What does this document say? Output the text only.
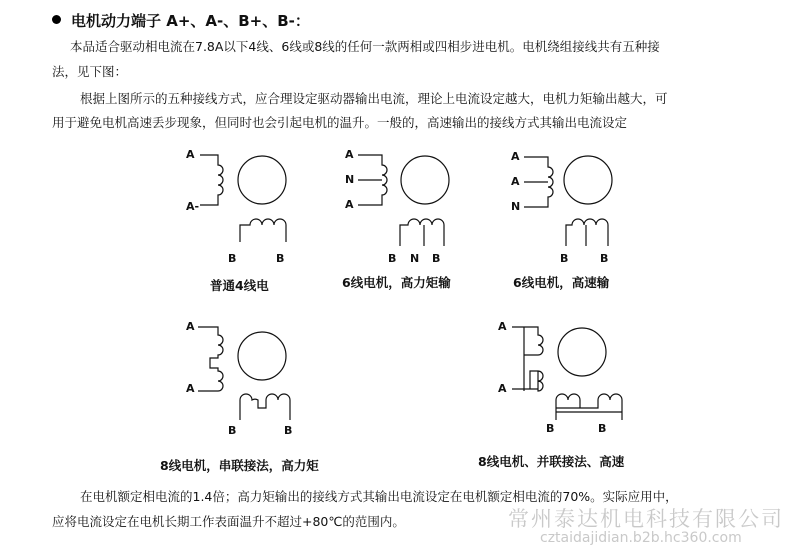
电机动力端子 A+、A-、B+、B-：
本品适合驱动相电流在7.8A以下4线、6线或8线的任何一款两相或四相步进电机。电机绕组接线共有五种接
法，见下图：
根据上图所示的五种接线方式，应合理设定驱动器输出电流，理论上电流设定越大，电机力矩输出越大，可
用于避免电机高速丢步现象，但同时也会引起电机的温升。一般的，高速输出的接线方式其输出电流设定
A
A-
B	B
A
N
A
B N B
A
A
N
B	B
A
A
B	B
A
A
B	B
普通4线电	6线电机，高力矩输	6线电机，高速输
8线电机，串联接法，高力矩	8线电机、并联接法、高速
在电机额定相电流的1.4倍；高力矩输出的接线方式其输出电流设定在电机额定相电流的70%。实际应用中，
应将电流设定在电机长期工作表面温升不超过+80℃的范围内。	常州泰达机电科技有限公司
cztaidajidian.b2b.hc360.com
